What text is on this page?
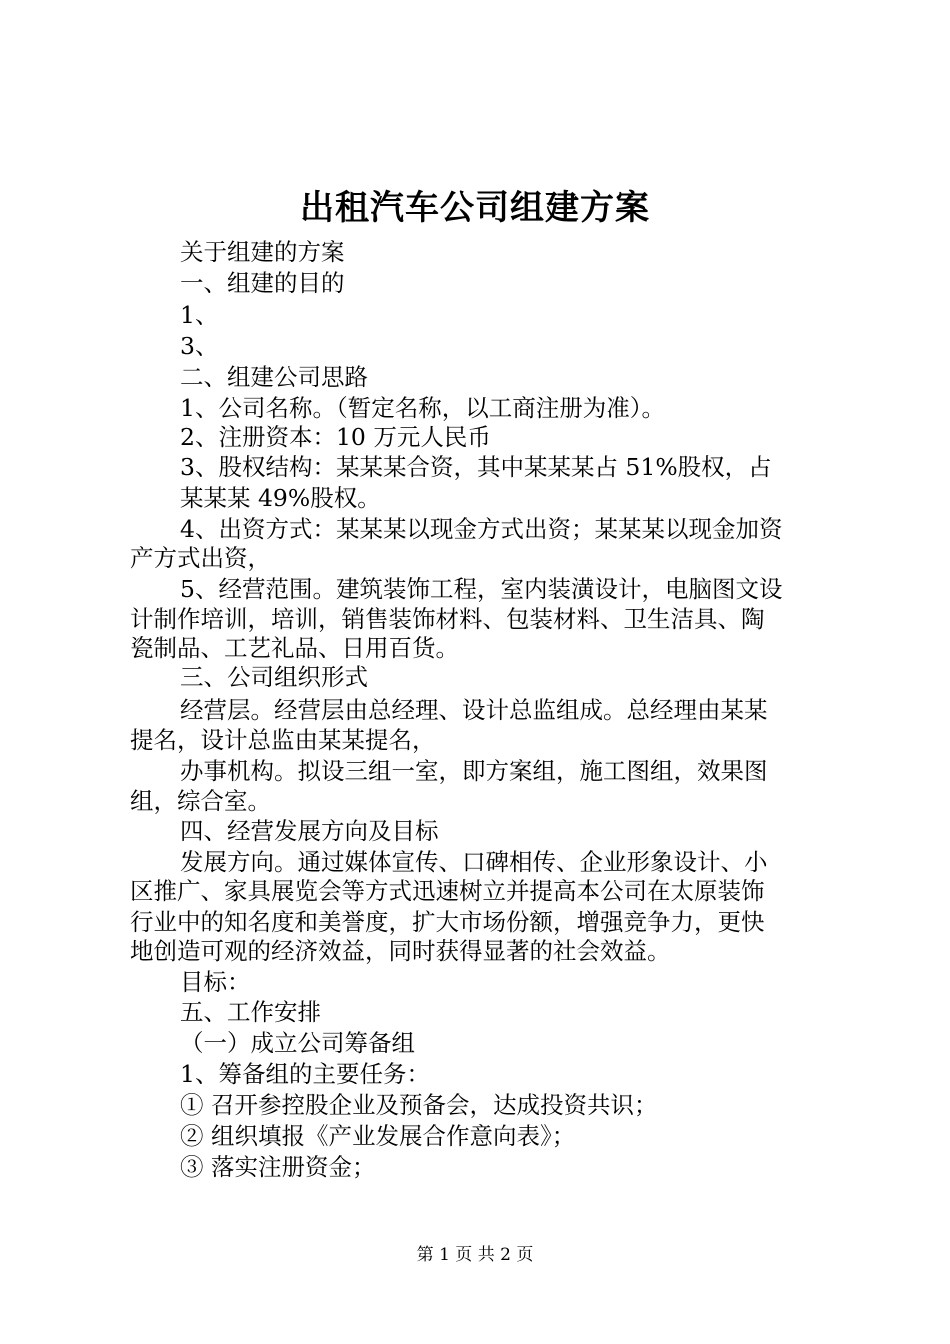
出租汽车公司组建方案
关于组建的方案
一、组建的目的
1、
3、
二、组建公司思路
1、公司名称。（暂定名称，以工商注册为准）。
2、注册资本：10 万元人民币
3、股权结构：某某某合资，其中某某某占 51%股权，占
某某某 49%股权。
4、出资方式：某某某以现金方式出资；某某某以现金加资
产方式出资，
5、经营范围。建筑装饰工程，室内装潢设计，电脑图文设
计制作培训，培训，销售装饰材料、包装材料、卫生洁具、陶
瓷制品、工艺礼品、日用百货。
三、公司组织形式
经营层。经营层由总经理、设计总监组成。总经理由某某
提名，设计总监由某某提名，
办事机构。拟设三组一室，即方案组，施工图组，效果图
组，综合室。
四、经营发展方向及目标
发展方向。通过媒体宣传、口碑相传、企业形象设计、小
区推广、家具展览会等方式迅速树立并提高本公司在太原装饰
行业中的知名度和美誉度，扩大市场份额，增强竞争力，更快
地创造可观的经济效益，同时获得显著的社会效益。
目标：
五、工作安排
（一）成立公司筹备组
1、筹备组的主要任务：
① 召开参控股企业及预备会，达成投资共识；
② 组织填报《产业发展合作意向表》；
③ 落实注册资金；
第 1 页 共 2 页
